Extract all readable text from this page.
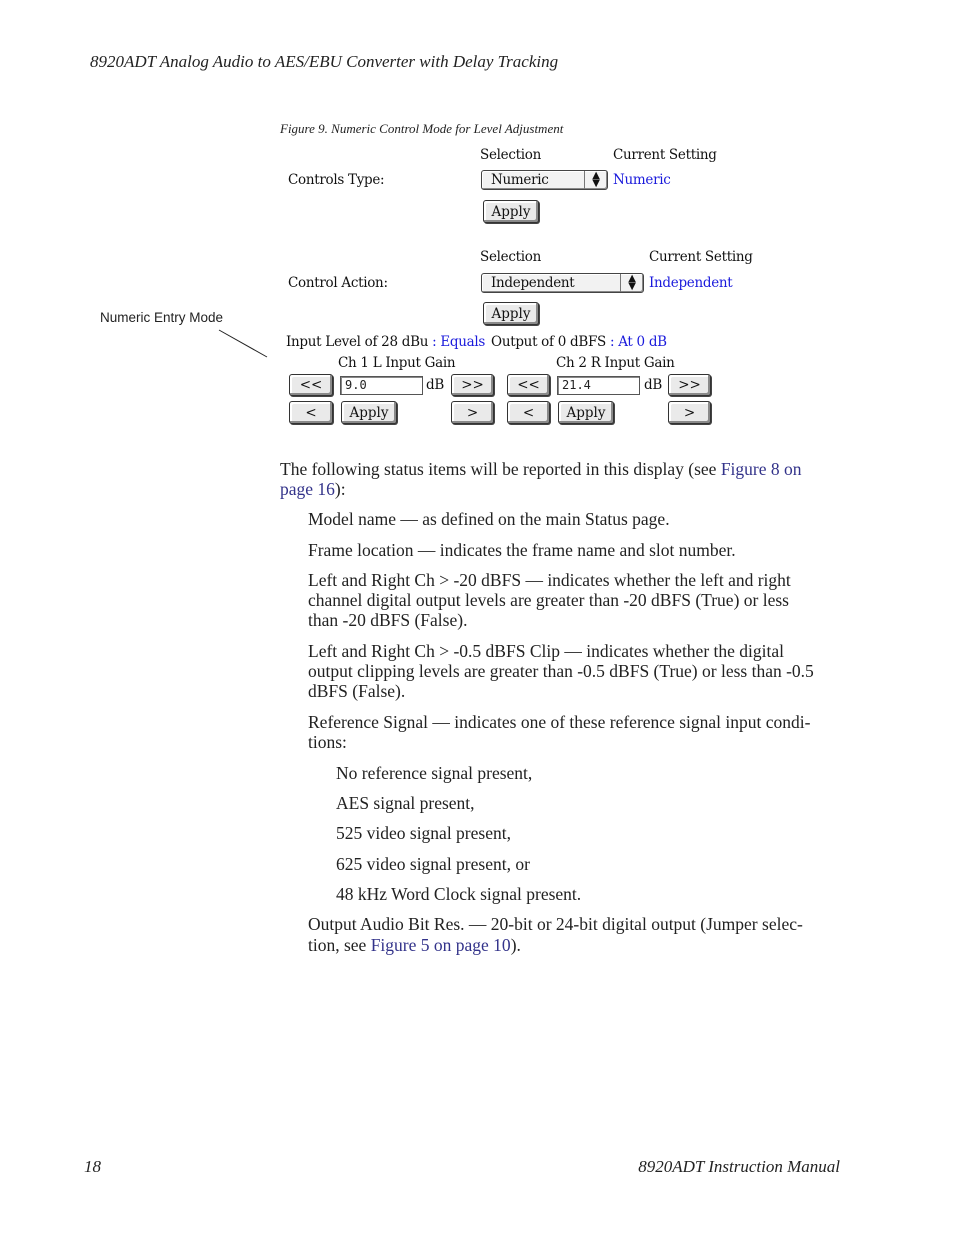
8920ADT Analog Audio to AES/EBU Converter with Delay Tracking
Figure 9. Numeric Control Mode for Level Adjustment
Selection	Current Setting
Controls Type:	Numeric	▲
▼ Numeric
Apply
Selection	Current Setting
Control Action:	Independent	▲
▼ Independent
Apply
Numeric Entry Mode
Input Level of 28 dBu : Equals Output of 0 dBFS : At 0 dB
Ch 1 L Input Gain
<<	9.0	dB	>>
<	Apply	>
Ch 2 R Input Gain
<<	21.4	dB	>>
<	Apply	>
The following status items will be reported in this display (see Figure 8 on
page 16):
Model name — as defined on the main Status page.
Frame location — indicates the frame name and slot number.
Left and Right Ch > -20 dBFS — indicates whether the left and right
channel digital output levels are greater than -20 dBFS (True) or less
than -20 dBFS (False).
Left and Right Ch > -0.5 dBFS Clip — indicates whether the digital
output clipping levels are greater than -0.5 dBFS (True) or less than -0.5
dBFS (False).
Reference Signal — indicates one of these reference signal input condi-
tions:
No reference signal present,
AES signal present,
525 video signal present,
625 video signal present, or
48 kHz Word Clock signal present.
Output Audio Bit Res. — 20-bit or 24-bit digital output (Jumper selec-
tion, see Figure 5 on page 10).
18	8920ADT Instruction Manual
